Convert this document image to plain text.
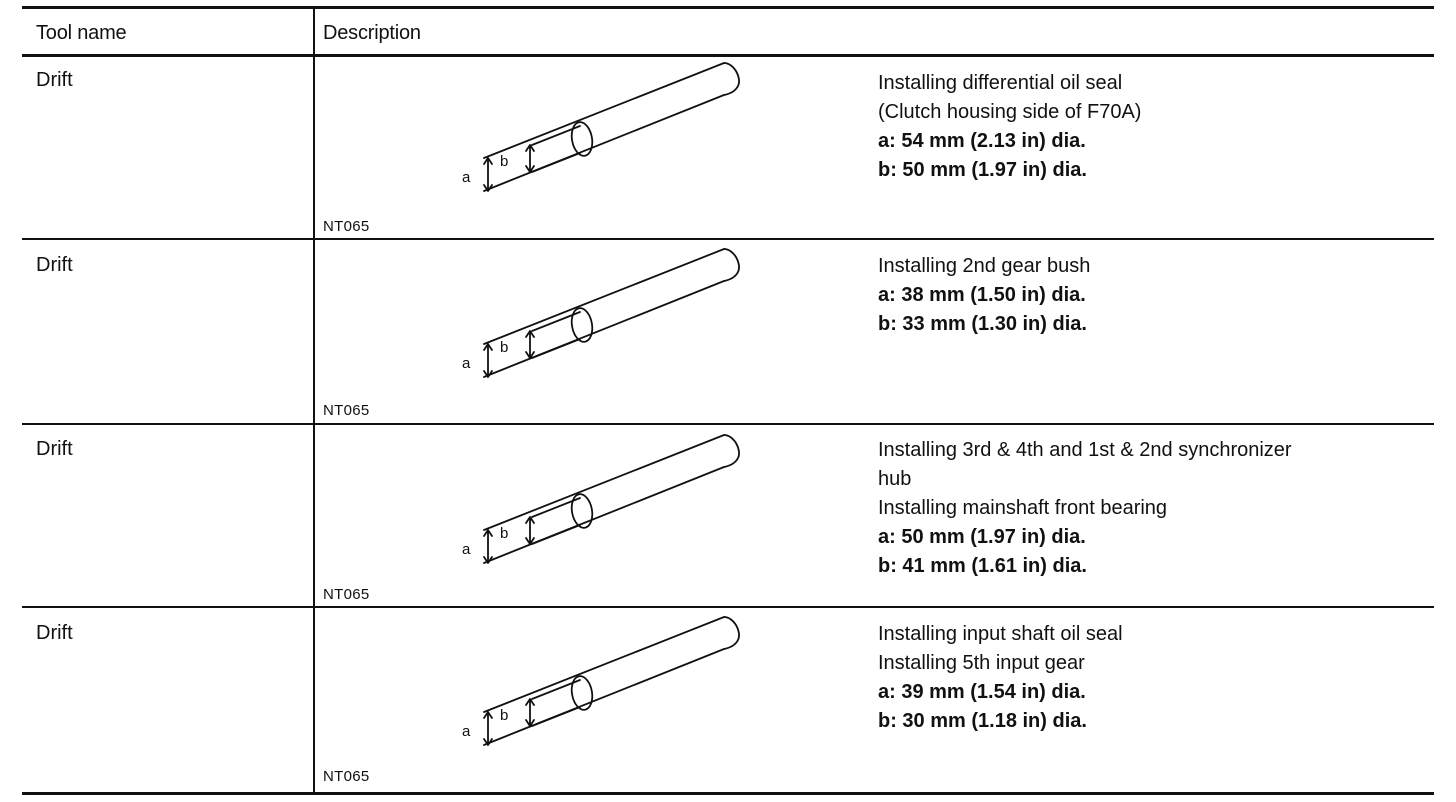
Tool name	Description
Drift
a
b
NT065
Installing differential oil seal
(Clutch housing side of F70A)
a: 54 mm (2.13 in) dia.
b: 50 mm (1.97 in) dia.
Drift
a
b
NT065
Installing 2nd gear bush
a: 38 mm (1.50 in) dia.
b: 33 mm (1.30 in) dia.
Drift
a
b
NT065
Installing 3rd & 4th and 1st & 2nd synchronizer
hub
Installing mainshaft front bearing
a: 50 mm (1.97 in) dia.
b: 41 mm (1.61 in) dia.
Drift
a
b
NT065
Installing input shaft oil seal
Installing 5th input gear
a: 39 mm (1.54 in) dia.
b: 30 mm (1.18 in) dia.
